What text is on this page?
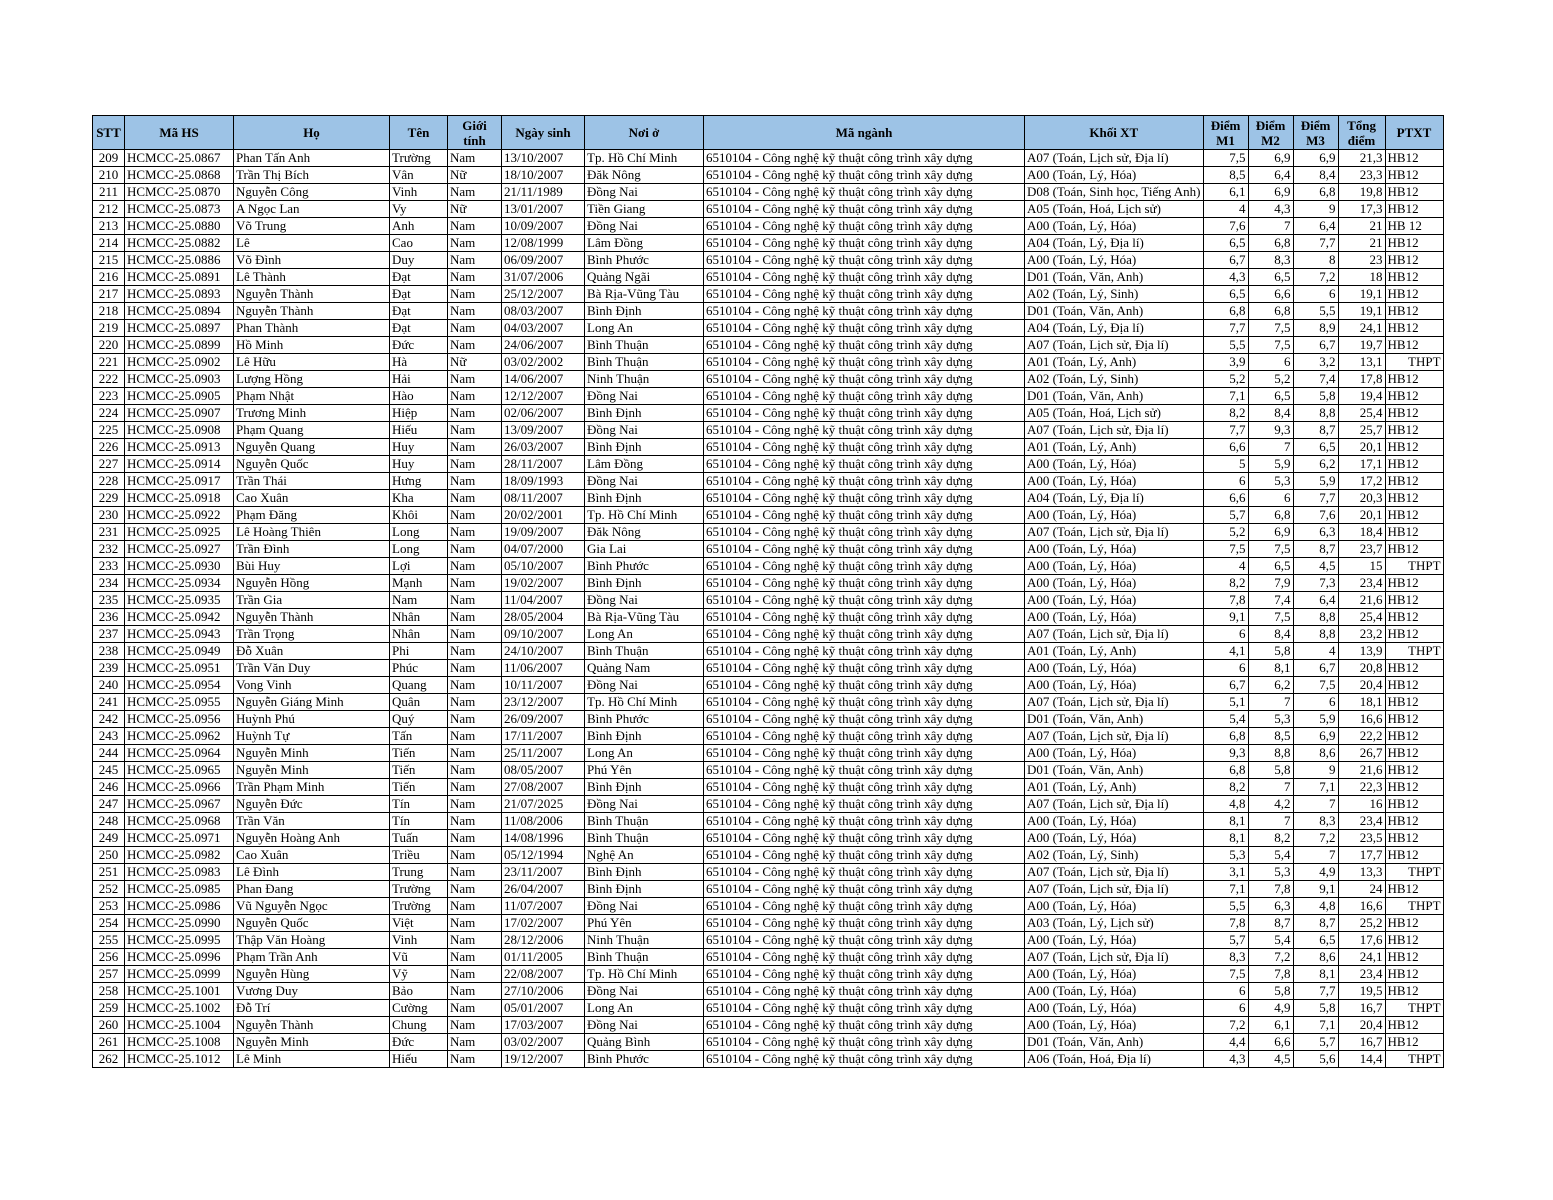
STT	Mã HS	Họ	Tên	Giới tính	Ngày sinh	Nơi ở	Mã ngành	Khối XT	Điểm M1	Điểm M2	Điểm M3	Tổng điểm	PTXT
209	HCMCC-25.0867	Phan Tấn Anh	Trường	Nam	13/10/2007	Tp. Hồ Chí Minh	6510104 - Công nghệ kỹ thuật công trình xây dựng	A07 (Toán, Lịch sử, Địa lí)	7,5	6,9	6,9	21,3	HB12
210	HCMCC-25.0868	Trần Thị Bích	Vân	Nữ	18/10/2007	Đăk Nông	6510104 - Công nghệ kỹ thuật công trình xây dựng	A00 (Toán, Lý, Hóa)	8,5	6,4	8,4	23,3	HB12
211	HCMCC-25.0870	Nguyễn Công	Vinh	Nam	21/11/1989	Đồng Nai	6510104 - Công nghệ kỹ thuật công trình xây dựng	D08 (Toán, Sinh học, Tiếng Anh)	6,1	6,9	6,8	19,8	HB12
212	HCMCC-25.0873	A Ngọc Lan	Vy	Nữ	13/01/2007	Tiền Giang	6510104 - Công nghệ kỹ thuật công trình xây dựng	A05 (Toán, Hoá, Lịch sử)	4	4,3	9	17,3	HB12
213	HCMCC-25.0880	Võ Trung	Anh	Nam	10/09/2007	Đồng Nai	6510104 - Công nghệ kỹ thuật công trình xây dựng	A00 (Toán, Lý, Hóa)	7,6	7	6,4	21	HB 12
214	HCMCC-25.0882	Lê	Cao	Nam	12/08/1999	Lâm Đồng	6510104 - Công nghệ kỹ thuật công trình xây dựng	A04 (Toán, Lý, Địa lí)	6,5	6,8	7,7	21	HB12
215	HCMCC-25.0886	Võ Đình	Duy	Nam	06/09/2007	Bình Phước	6510104 - Công nghệ kỹ thuật công trình xây dựng	A00 (Toán, Lý, Hóa)	6,7	8,3	8	23	HB12
216	HCMCC-25.0891	Lê Thành	Đạt	Nam	31/07/2006	Quảng Ngãi	6510104 - Công nghệ kỹ thuật công trình xây dựng	D01 (Toán, Văn, Anh)	4,3	6,5	7,2	18	HB12
217	HCMCC-25.0893	Nguyễn Thành	Đạt	Nam	25/12/2007	Bà Rịa-Vũng Tàu	6510104 - Công nghệ kỹ thuật công trình xây dựng	A02 (Toán, Lý, Sinh)	6,5	6,6	6	19,1	HB12
218	HCMCC-25.0894	Nguyễn Thành	Đạt	Nam	08/03/2007	Bình Định	6510104 - Công nghệ kỹ thuật công trình xây dựng	D01 (Toán, Văn, Anh)	6,8	6,8	5,5	19,1	HB12
219	HCMCC-25.0897	Phan Thành	Đạt	Nam	04/03/2007	Long An	6510104 - Công nghệ kỹ thuật công trình xây dựng	A04 (Toán, Lý, Địa lí)	7,7	7,5	8,9	24,1	HB12
220	HCMCC-25.0899	Hồ Minh	Đức	Nam	24/06/2007	Bình Thuận	6510104 - Công nghệ kỹ thuật công trình xây dựng	A07 (Toán, Lịch sử, Địa lí)	5,5	7,5	6,7	19,7	HB12
221	HCMCC-25.0902	Lê Hữu	Hà	Nữ	03/02/2002	Bình Thuận	6510104 - Công nghệ kỹ thuật công trình xây dựng	A01 (Toán, Lý, Anh)	3,9	6	3,2	13,1	THPT
222	HCMCC-25.0903	Lượng Hồng	Hải	Nam	14/06/2007	Ninh Thuận	6510104 - Công nghệ kỹ thuật công trình xây dựng	A02 (Toán, Lý, Sinh)	5,2	5,2	7,4	17,8	HB12
223	HCMCC-25.0905	Phạm Nhật	Hào	Nam	12/12/2007	Đồng Nai	6510104 - Công nghệ kỹ thuật công trình xây dựng	D01 (Toán, Văn, Anh)	7,1	6,5	5,8	19,4	HB12
224	HCMCC-25.0907	Trương Minh	Hiệp	Nam	02/06/2007	Bình Định	6510104 - Công nghệ kỹ thuật công trình xây dựng	A05 (Toán, Hoá, Lịch sử)	8,2	8,4	8,8	25,4	HB12
225	HCMCC-25.0908	Phạm Quang	Hiếu	Nam	13/09/2007	Đồng Nai	6510104 - Công nghệ kỹ thuật công trình xây dựng	A07 (Toán, Lịch sử, Địa lí)	7,7	9,3	8,7	25,7	HB12
226	HCMCC-25.0913	Nguyễn Quang	Huy	Nam	26/03/2007	Bình Định	6510104 - Công nghệ kỹ thuật công trình xây dựng	A01 (Toán, Lý, Anh)	6,6	7	6,5	20,1	HB12
227	HCMCC-25.0914	Nguyễn Quốc	Huy	Nam	28/11/2007	Lâm Đồng	6510104 - Công nghệ kỹ thuật công trình xây dựng	A00 (Toán, Lý, Hóa)	5	5,9	6,2	17,1	HB12
228	HCMCC-25.0917	Trần Thái	Hưng	Nam	18/09/1993	Đồng Nai	6510104 - Công nghệ kỹ thuật công trình xây dựng	A00 (Toán, Lý, Hóa)	6	5,3	5,9	17,2	HB12
229	HCMCC-25.0918	Cao Xuân	Kha	Nam	08/11/2007	Bình Định	6510104 - Công nghệ kỹ thuật công trình xây dựng	A04 (Toán, Lý, Địa lí)	6,6	6	7,7	20,3	HB12
230	HCMCC-25.0922	Phạm Đăng	Khôi	Nam	20/02/2001	Tp. Hồ Chí Minh	6510104 - Công nghệ kỹ thuật công trình xây dựng	A00 (Toán, Lý, Hóa)	5,7	6,8	7,6	20,1	HB12
231	HCMCC-25.0925	Lê Hoàng Thiên	Long	Nam	19/09/2007	Đăk Nông	6510104 - Công nghệ kỹ thuật công trình xây dựng	A07 (Toán, Lịch sử, Địa lí)	5,2	6,9	6,3	18,4	HB12
232	HCMCC-25.0927	Trần Đình	Long	Nam	04/07/2000	Gia Lai	6510104 - Công nghệ kỹ thuật công trình xây dựng	A00 (Toán, Lý, Hóa)	7,5	7,5	8,7	23,7	HB12
233	HCMCC-25.0930	Bùi Huy	Lợi	Nam	05/10/2007	Bình Phước	6510104 - Công nghệ kỹ thuật công trình xây dựng	A00 (Toán, Lý, Hóa)	4	6,5	4,5	15	THPT
234	HCMCC-25.0934	Nguyễn Hồng	Mạnh	Nam	19/02/2007	Bình Định	6510104 - Công nghệ kỹ thuật công trình xây dựng	A00 (Toán, Lý, Hóa)	8,2	7,9	7,3	23,4	HB12
235	HCMCC-25.0935	Trần Gia	Nam	Nam	11/04/2007	Đồng Nai	6510104 - Công nghệ kỹ thuật công trình xây dựng	A00 (Toán, Lý, Hóa)	7,8	7,4	6,4	21,6	HB12
236	HCMCC-25.0942	Nguyễn Thành	Nhân	Nam	28/05/2004	Bà Rịa-Vũng Tàu	6510104 - Công nghệ kỹ thuật công trình xây dựng	A00 (Toán, Lý, Hóa)	9,1	7,5	8,8	25,4	HB12
237	HCMCC-25.0943	Trần Trọng	Nhân	Nam	09/10/2007	Long An	6510104 - Công nghệ kỹ thuật công trình xây dựng	A07 (Toán, Lịch sử, Địa lí)	6	8,4	8,8	23,2	HB12
238	HCMCC-25.0949	Đỗ Xuân	Phi	Nam	24/10/2007	Bình Thuận	6510104 - Công nghệ kỹ thuật công trình xây dựng	A01 (Toán, Lý, Anh)	4,1	5,8	4	13,9	THPT
239	HCMCC-25.0951	Trần Văn Duy	Phúc	Nam	11/06/2007	Quảng Nam	6510104 - Công nghệ kỹ thuật công trình xây dựng	A00 (Toán, Lý, Hóa)	6	8,1	6,7	20,8	HB12
240	HCMCC-25.0954	Vong Vinh	Quang	Nam	10/11/2007	Đồng Nai	6510104 - Công nghệ kỹ thuật công trình xây dựng	A00 (Toán, Lý, Hóa)	6,7	6,2	7,5	20,4	HB12
241	HCMCC-25.0955	Nguyễn Giáng Minh	Quân	Nam	23/12/2007	Tp. Hồ Chí Minh	6510104 - Công nghệ kỹ thuật công trình xây dựng	A07 (Toán, Lịch sử, Địa lí)	5,1	7	6	18,1	HB12
242	HCMCC-25.0956	Huỳnh Phú	Quý	Nam	26/09/2007	Bình Phước	6510104 - Công nghệ kỹ thuật công trình xây dựng	D01 (Toán, Văn, Anh)	5,4	5,3	5,9	16,6	HB12
243	HCMCC-25.0962	Huỳnh Tự	Tấn	Nam	17/11/2007	Bình Định	6510104 - Công nghệ kỹ thuật công trình xây dựng	A07 (Toán, Lịch sử, Địa lí)	6,8	8,5	6,9	22,2	HB12
244	HCMCC-25.0964	Nguyễn Minh	Tiến	Nam	25/11/2007	Long An	6510104 - Công nghệ kỹ thuật công trình xây dựng	A00 (Toán, Lý, Hóa)	9,3	8,8	8,6	26,7	HB12
245	HCMCC-25.0965	Nguyễn Minh	Tiến	Nam	08/05/2007	Phú Yên	6510104 - Công nghệ kỹ thuật công trình xây dựng	D01 (Toán, Văn, Anh)	6,8	5,8	9	21,6	HB12
246	HCMCC-25.0966	Trần Phạm Minh	Tiến	Nam	27/08/2007	Bình Định	6510104 - Công nghệ kỹ thuật công trình xây dựng	A01 (Toán, Lý, Anh)	8,2	7	7,1	22,3	HB12
247	HCMCC-25.0967	Nguyễn Đức	Tín	Nam	21/07/2025	Đồng Nai	6510104 - Công nghệ kỹ thuật công trình xây dựng	A07 (Toán, Lịch sử, Địa lí)	4,8	4,2	7	16	HB12
248	HCMCC-25.0968	Trần Văn	Tín	Nam	11/08/2006	Bình Thuận	6510104 - Công nghệ kỹ thuật công trình xây dựng	A00 (Toán, Lý, Hóa)	8,1	7	8,3	23,4	HB12
249	HCMCC-25.0971	Nguyễn Hoàng Anh	Tuấn	Nam	14/08/1996	Bình Thuận	6510104 - Công nghệ kỹ thuật công trình xây dựng	A00 (Toán, Lý, Hóa)	8,1	8,2	7,2	23,5	HB12
250	HCMCC-25.0982	Cao Xuân	Triều	Nam	05/12/1994	Nghệ An	6510104 - Công nghệ kỹ thuật công trình xây dựng	A02 (Toán, Lý, Sinh)	5,3	5,4	7	17,7	HB12
251	HCMCC-25.0983	Lê Đình	Trung	Nam	23/11/2007	Bình Định	6510104 - Công nghệ kỹ thuật công trình xây dựng	A07 (Toán, Lịch sử, Địa lí)	3,1	5,3	4,9	13,3	THPT
252	HCMCC-25.0985	Phan Đang	Trường	Nam	26/04/2007	Bình Định	6510104 - Công nghệ kỹ thuật công trình xây dựng	A07 (Toán, Lịch sử, Địa lí)	7,1	7,8	9,1	24	HB12
253	HCMCC-25.0986	Vũ Nguyễn Ngọc	Trường	Nam	11/07/2007	Đồng Nai	6510104 - Công nghệ kỹ thuật công trình xây dựng	A00 (Toán, Lý, Hóa)	5,5	6,3	4,8	16,6	THPT
254	HCMCC-25.0990	Nguyễn Quốc	Việt	Nam	17/02/2007	Phú Yên	6510104 - Công nghệ kỹ thuật công trình xây dựng	A03 (Toán, Lý, Lịch sử)	7,8	8,7	8,7	25,2	HB12
255	HCMCC-25.0995	Thập Văn Hoàng	Vinh	Nam	28/12/2006	Ninh Thuận	6510104 - Công nghệ kỹ thuật công trình xây dựng	A00 (Toán, Lý, Hóa)	5,7	5,4	6,5	17,6	HB12
256	HCMCC-25.0996	Phạm Trần Anh	Vũ	Nam	01/11/2005	Bình Thuận	6510104 - Công nghệ kỹ thuật công trình xây dựng	A07 (Toán, Lịch sử, Địa lí)	8,3	7,2	8,6	24,1	HB12
257	HCMCC-25.0999	Nguyễn Hùng	Vỹ	Nam	22/08/2007	Tp. Hồ Chí Minh	6510104 - Công nghệ kỹ thuật công trình xây dựng	A00 (Toán, Lý, Hóa)	7,5	7,8	8,1	23,4	HB12
258	HCMCC-25.1001	Vương Duy	Bảo	Nam	27/10/2006	Đồng Nai	6510104 - Công nghệ kỹ thuật công trình xây dựng	A00 (Toán, Lý, Hóa)	6	5,8	7,7	19,5	HB12
259	HCMCC-25.1002	Đỗ Trí	Cường	Nam	05/01/2007	Long An	6510104 - Công nghệ kỹ thuật công trình xây dựng	A00 (Toán, Lý, Hóa)	6	4,9	5,8	16,7	THPT
260	HCMCC-25.1004	Nguyễn Thành	Chung	Nam	17/03/2007	Đồng Nai	6510104 - Công nghệ kỹ thuật công trình xây dựng	A00 (Toán, Lý, Hóa)	7,2	6,1	7,1	20,4	HB12
261	HCMCC-25.1008	Nguyễn Minh	Đức	Nam	03/02/2007	Quảng Bình	6510104 - Công nghệ kỹ thuật công trình xây dựng	D01 (Toán, Văn, Anh)	4,4	6,6	5,7	16,7	HB12
262	HCMCC-25.1012	Lê Minh	Hiếu	Nam	19/12/2007	Bình Phước	6510104 - Công nghệ kỹ thuật công trình xây dựng	A06 (Toán, Hoá, Địa lí)	4,3	4,5	5,6	14,4	THPT
